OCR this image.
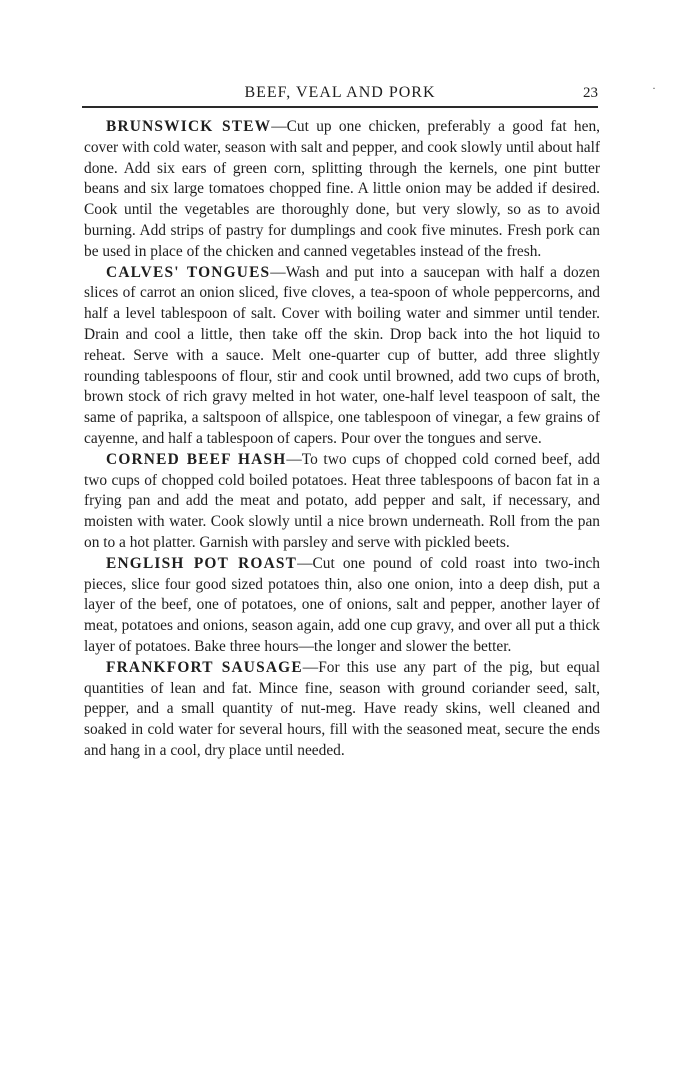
BEEF, VEAL AND PORK	23	·

BRUNSWICK STEW—Cut up one chicken, preferably a good fat hen, cover with cold water, season with salt and pepper, and cook slowly until about half done. Add six ears of green corn, splitting through the kernels, one pint butter beans and six large tomatoes chopped fine. A little onion may be added if desired. Cook until the vegetables are thoroughly done, but very slowly, so as to avoid burning. Add strips of pastry for dumplings and cook five minutes. Fresh pork can be used in place of the chicken and canned vegetables instead of the fresh.

CALVES' TONGUES—Wash and put into a saucepan with half a dozen slices of carrot an onion sliced, five cloves, a tea-spoon of whole peppercorns, and half a level tablespoon of salt. Cover with boiling water and simmer until tender. Drain and cool a little, then take off the skin. Drop back into the hot liquid to reheat. Serve with a sauce. Melt one-quarter cup of butter, add three slightly rounding tablespoons of flour, stir and cook until browned, add two cups of broth, brown stock of rich gravy melted in hot water, one-half level teaspoon of salt, the same of paprika, a saltspoon of allspice, one tablespoon of vinegar, a few grains of cayenne, and half a tablespoon of capers. Pour over the tongues and serve.

CORNED BEEF HASH—To two cups of chopped cold corned beef, add two cups of chopped cold boiled potatoes. Heat three tablespoons of bacon fat in a frying pan and add the meat and potato, add pepper and salt, if necessary, and moisten with water. Cook slowly until a nice brown underneath. Roll from the pan on to a hot platter. Garnish with parsley and serve with pickled beets.

ENGLISH POT ROAST—Cut one pound of cold roast into two-inch pieces, slice four good sized potatoes thin, also one onion, into a deep dish, put a layer of the beef, one of potatoes, one of onions, salt and pepper, another layer of meat, potatoes and onions, season again, add one cup gravy, and over all put a thick layer of potatoes. Bake three hours—the longer and slower the better.

FRANKFORT SAUSAGE—For this use any part of the pig, but equal quantities of lean and fat. Mince fine, season with ground coriander seed, salt, pepper, and a small quantity of nut-meg. Have ready skins, well cleaned and soaked in cold water for several hours, fill with the seasoned meat, secure the ends and hang in a cool, dry place until needed.
